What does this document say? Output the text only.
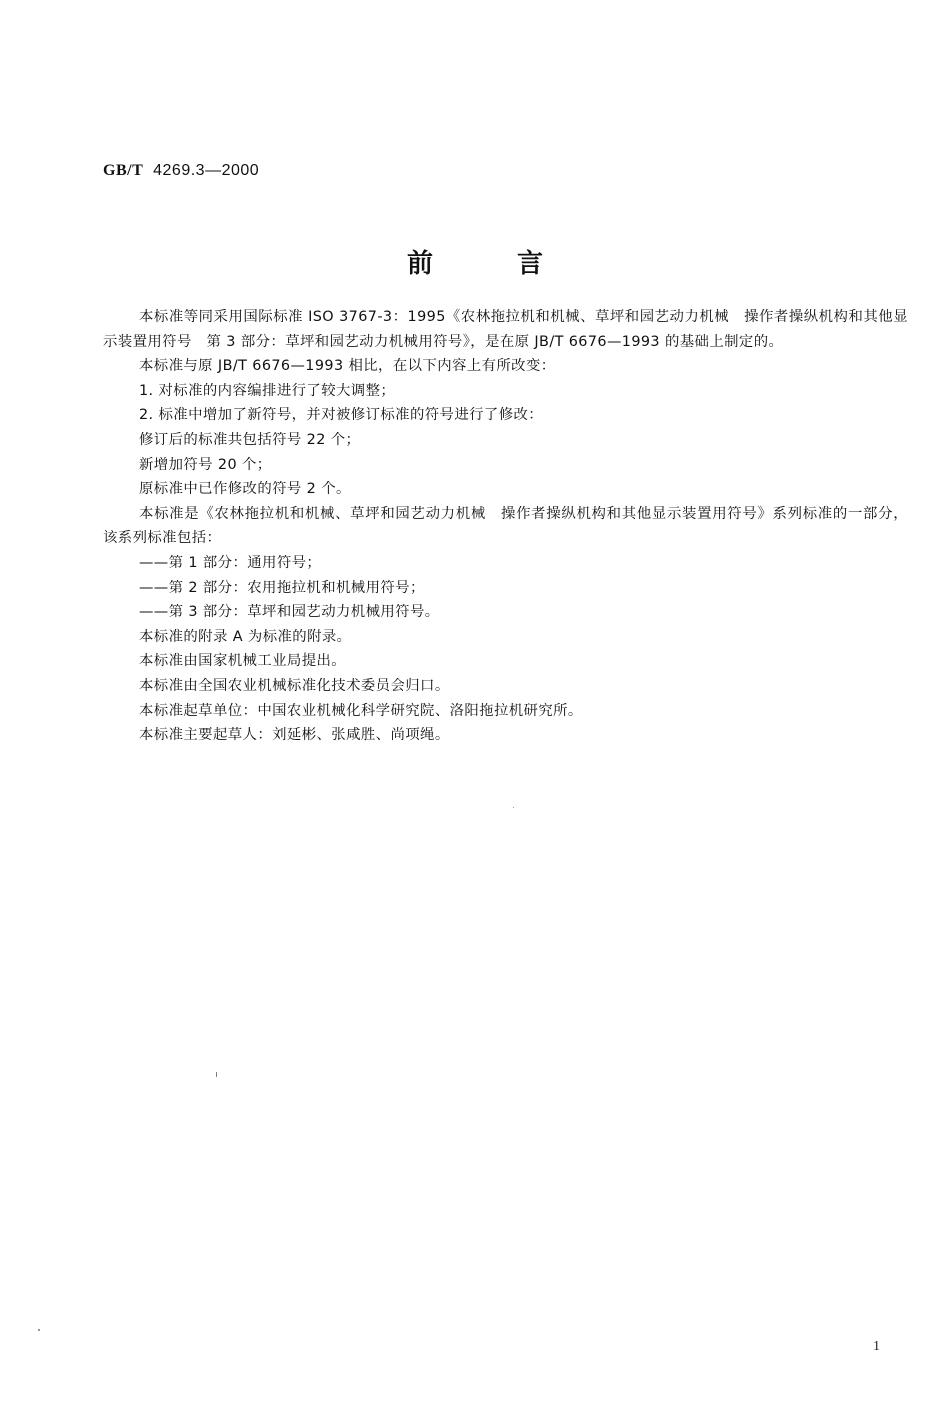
GB/T 4269.3—2000
前言

本标准等同采用国际标准 ISO 3767-3：1995《农林拖拉机和机械、草坪和园艺动力机械　操作者操纵机构和其他显示装置用符号　第 3 部分：草坪和园艺动力机械用符号》，是在原 JB/T 6676—1993 的基础上制定的。

本标准与原 JB/T 6676—1993 相比，在以下内容上有所改变：

1. 对标准的内容编排进行了较大调整；

2. 标准中增加了新符号，并对被修订标准的符号进行了修改：

修订后的标准共包括符号 22 个；

新增加符号 20 个；

原标准中已作修改的符号 2 个。

本标准是《农林拖拉机和机械、草坪和园艺动力机械　操作者操纵机构和其他显示装置用符号》系列标准的一部分，该系列标准包括：

——第 1 部分：通用符号；

——第 2 部分：农用拖拉机和机械用符号；

——第 3 部分：草坪和园艺动力机械用符号。

本标准的附录 A 为标准的附录。

本标准由国家机械工业局提出。

本标准由全国农业机械标准化技术委员会归口。

本标准起草单位：中国农业机械化科学研究院、洛阳拖拉机研究所。

本标准主要起草人：刘延彬、张咸胜、尚项绳。

1
